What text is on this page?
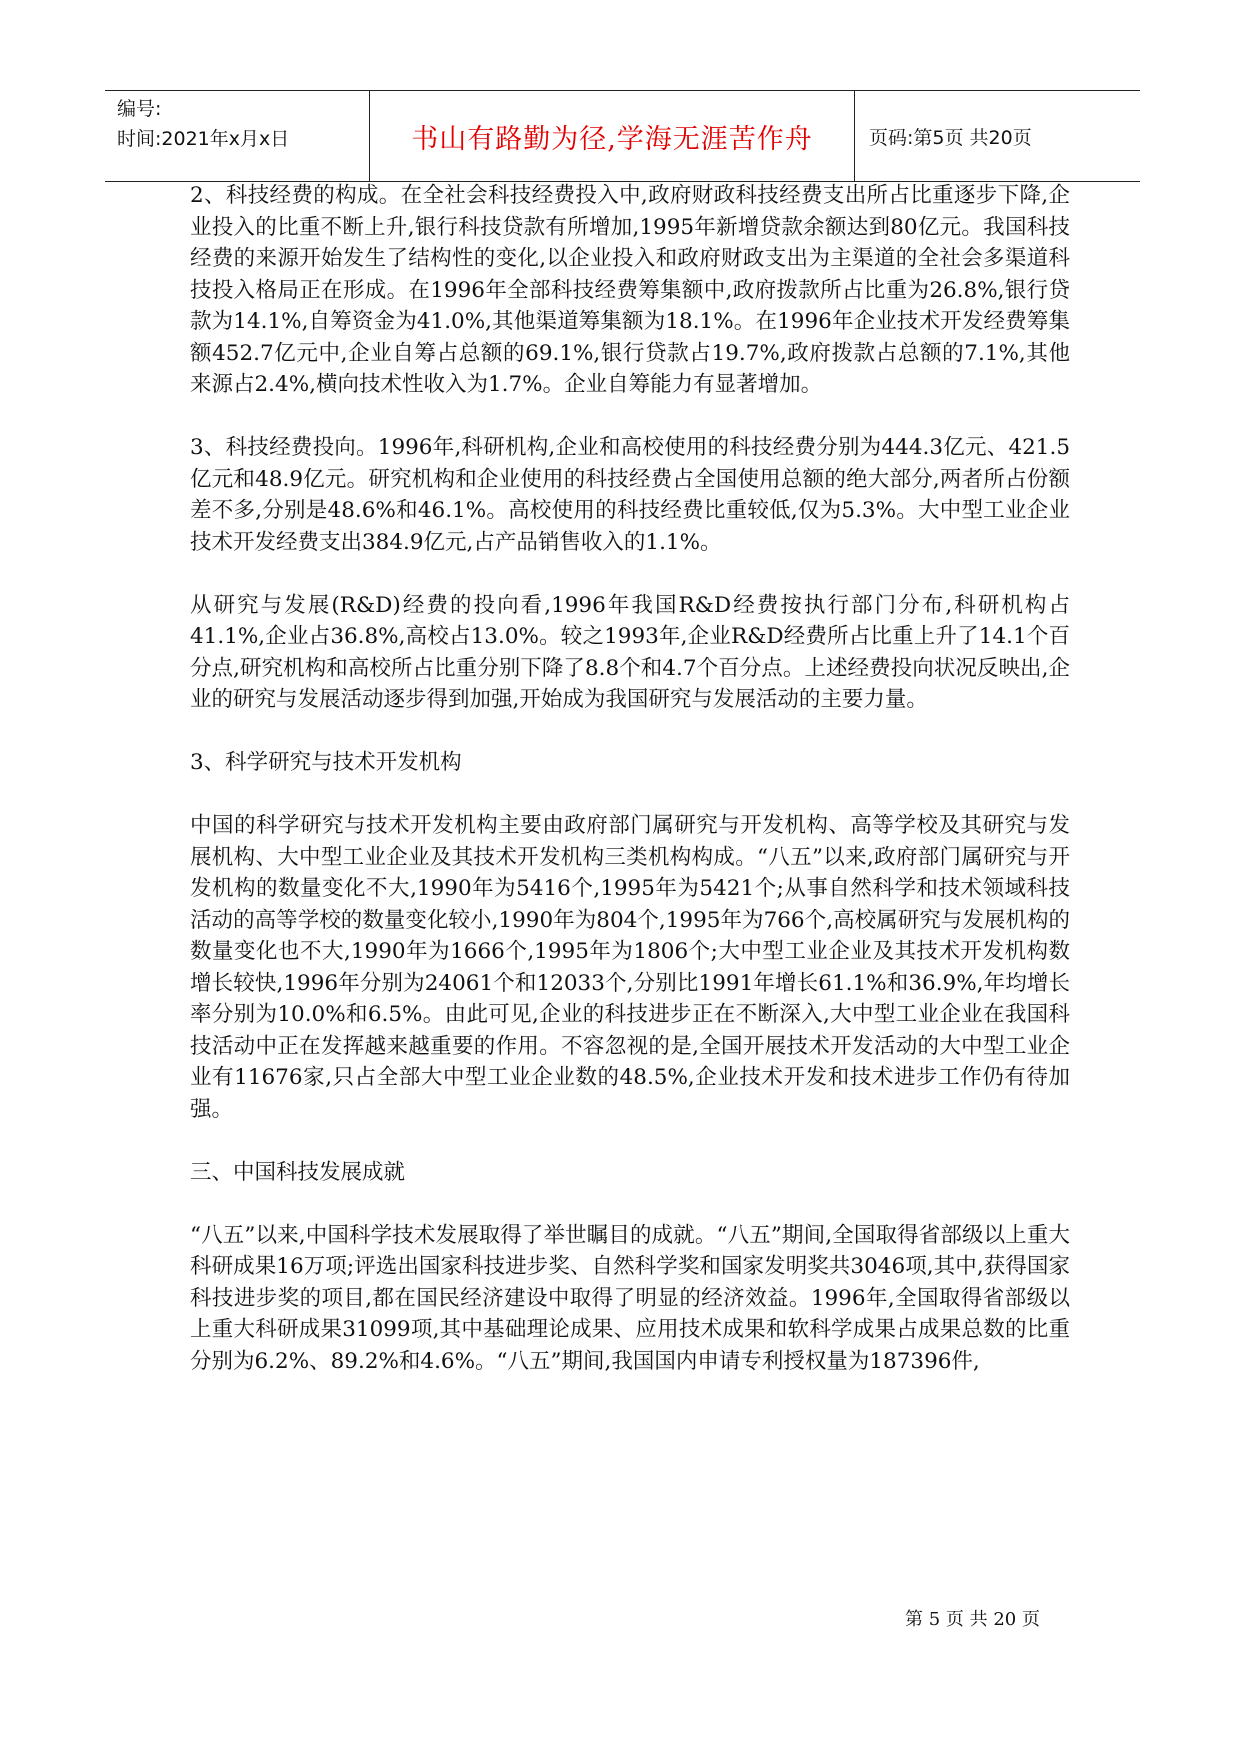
编号:
时间:2021年x月x日	书山有路勤为径,学海无涯苦作舟	页码:第5页 共20页

2、科技经费的构成。在全社会科技经费投入中,政府财政科技经费支出所占比重逐步下降,企业投入的比重不断上升,银行科技贷款有所增加,1995年新增贷款余额达到80亿元。我国科技经费的来源开始发生了结构性的变化,以企业投入和政府财政支出为主渠道的全社会多渠道科技投入格局正在形成。在1996年全部科技经费筹集额中,政府拨款所占比重为26.8%,银行贷款为14.1%,自筹资金为41.0%,其他渠道筹集额为18.1%。在1996年企业技术开发经费筹集额452.7亿元中,企业自筹占总额的69.1%,银行贷款占19.7%,政府拨款占总额的7.1%,其他来源占2.4%,横向技术性收入为1.7%。企业自筹能力有显著增加。

3、科技经费投向。1996年,科研机构,企业和高校使用的科技经费分别为444.3亿元、421.5亿元和48.9亿元。研究机构和企业使用的科技经费占全国使用总额的绝大部分,两者所占份额差不多,分别是48.6%和46.1%。高校使用的科技经费比重较低,仅为5.3%。大中型工业企业技术开发经费支出384.9亿元,占产品销售收入的1.1%。

从研究与发展(R&D)经费的投向看,1996年我国R&D经费按执行部门分布,科研机构占41.1%,企业占36.8%,高校占13.0%。较之1993年,企业R&D经费所占比重上升了14.1个百分点,研究机构和高校所占比重分别下降了8.8个和4.7个百分点。上述经费投向状况反映出,企业的研究与发展活动逐步得到加强,开始成为我国研究与发展活动的主要力量。

3、科学研究与技术开发机构

中国的科学研究与技术开发机构主要由政府部门属研究与开发机构、高等学校及其研究与发展机构、大中型工业企业及其技术开发机构三类机构构成。“八五”以来,政府部门属研究与开发机构的数量变化不大,1990年为5416个,1995年为5421个;从事自然科学和技术领域科技活动的高等学校的数量变化较小,1990年为804个,1995年为766个,高校属研究与发展机构的数量变化也不大,1990年为1666个,1995年为1806个;大中型工业企业及其技术开发机构数增长较快,1996年分别为24061个和12033个,分别比1991年增长61.1%和36.9%,年均增长率分别为10.0%和6.5%。由此可见,企业的科技进步正在不断深入,大中型工业企业在我国科技活动中正在发挥越来越重要的作用。不容忽视的是,全国开展技术开发活动的大中型工业企业有11676家,只占全部大中型工业企业数的48.5%,企业技术开发和技术进步工作仍有待加强。

三、中国科技发展成就

“八五”以来,中国科学技术发展取得了举世瞩目的成就。“八五”期间,全国取得省部级以上重大科研成果16万项;评选出国家科技进步奖、自然科学奖和国家发明奖共3046项,其中,获得国家科技进步奖的项目,都在国民经济建设中取得了明显的经济效益。1996年,全国取得省部级以上重大科研成果31099项,其中基础理论成果、应用技术成果和软科学成果占成果总数的比重分别为6.2%、89.2%和4.6%。“八五”期间,我国国内申请专利授权量为187396件,

第 5 页 共 20 页
